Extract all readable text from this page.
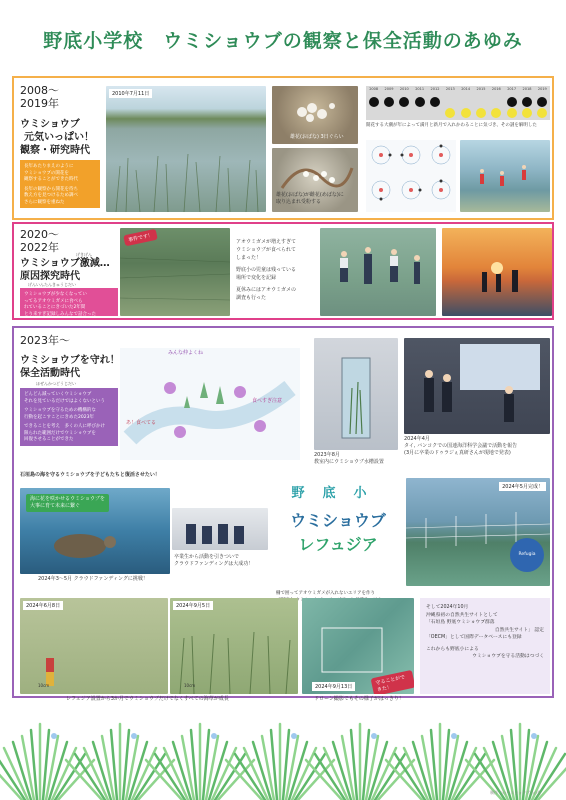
野底小学校　ウミショウブの観察と保全活動のあゆみ
2008〜
2019年
ウミショウブ
元気いっぱい！
観察・研究時代
長年あたりまえのように
ウミショウブの開花を
観察することができた時代
長年の観察から開花を待ち
数え方を見つけるため調べ
さらに観察を重ねた
2010年7月11日
雄花(おばな) 3日ぐらい
雄花(おばな)が雌花(めばな)に
取り込まれ受粉する
2008	2009	2010	2011	2012	2013	2014	2015	2016	2017	2018	2019
開花する大潮が年によって満月と新月で入れかわることに気づき、その謎を解明した
2020〜
2022年
げきげん
ウミショウブ激減…
原因探究時代
げんいんたんきゅうじだい
ウミショウブが少なくなってい
ってるアオウミガメに食べら
れていることにきづいた2年間
とり来すぎ記録しみんなで話合った
事件です！	アオウミガメが増えすぎて
ウミショウブが食べられて
しまった！
野底小の児童は残っている
場所で変化を記録
夏休みにはアオウミガメの
調査も行った
2023年〜
ウミショウブを守れ！
保全活動時代
ほぜんかつどうじだい
どんどん減っていくウミショウブ
それを見ているだけではよくないという
ウミショウブを守るための機構的な
行動を起こすことにきめた2023年
できることを考え　多くの人に呼びかけ
限られた範囲だけでウミショウブを
回復させることができた
みんな仲よくね
食べすぎ注意
あ！食べてる
2023年8月
教室内にウミショウブ水槽設置
2024年4月
タイ, バンコクでの国連海洋科学会議で活動を報告
(3月に卒業のドゥラジぇ真研さんが現地で発表)
石垣島の海を守るウミショウブを子どもたちと復活させたい！
海に花を咲かせるウミショウブを
大事に育て未来に繋ぐ
2024年3〜5月 クラウドファンディングに挑戦！
卒業生から活動を引きついで
クラウドファンディングは大成功！
野底小
ウミショウブ
レフュジア
柵で囲ってアオウミガメが入れないエリアを作り
2024年5月完成！
Refugia
2024年6月8日
10cm
2024年9月5日
10cm
レフュジア設置から3か月でウミショウブだけでなくすべての海草が成長
2024年9月13日
守ることができた！
ドローン撮影でもその様子がはっきり！
そして2024年10月
沖縄県初の自然共生サイトとして
「石垣島 野底ウミショウブ群落
自然共生サイト」 認定
「OECM」として国際データベースにも登録
これからも野底小による
ウミショウブを守る活動はつづく
制作 ○○ウミショウブ○○会
